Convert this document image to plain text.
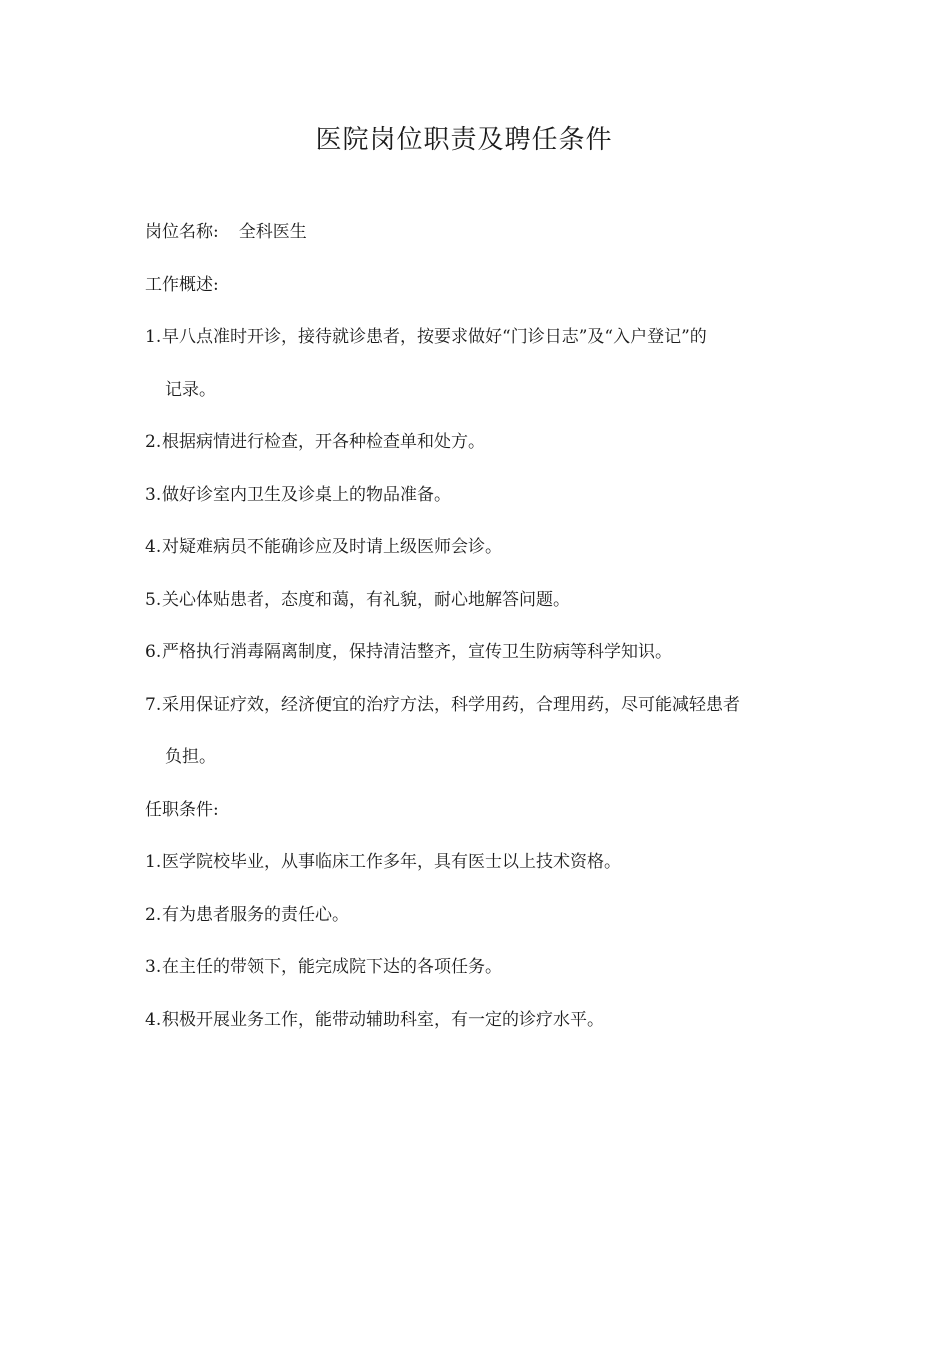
医院岗位职责及聘任条件
岗位名称: 全科医生
工作概述:
1. 早八点准时开诊，接待就诊患者，按要求做好“门诊日志”及“入户登记”的
记录。
2. 根据病情进行检查，开各种检查单和处方。
3. 做好诊室内卫生及诊桌上的物品准备。
4. 对疑难病员不能确诊应及时请上级医师会诊。
5. 关心体贴患者，态度和蔼，有礼貌，耐心地解答问题。
6. 严格执行消毒隔离制度，保持清洁整齐，宣传卫生防病等科学知识。
7. 采用保证疗效，经济便宜的治疗方法，科学用药，合理用药，尽可能减轻患者
负担。
任职条件:
1. 医学院校毕业，从事临床工作多年，具有医士以上技术资格。
2. 有为患者服务的责任心。
3. 在主任的带领下，能完成院下达的各项任务。
4. 积极开展业务工作，能带动辅助科室，有一定的诊疗水平。
